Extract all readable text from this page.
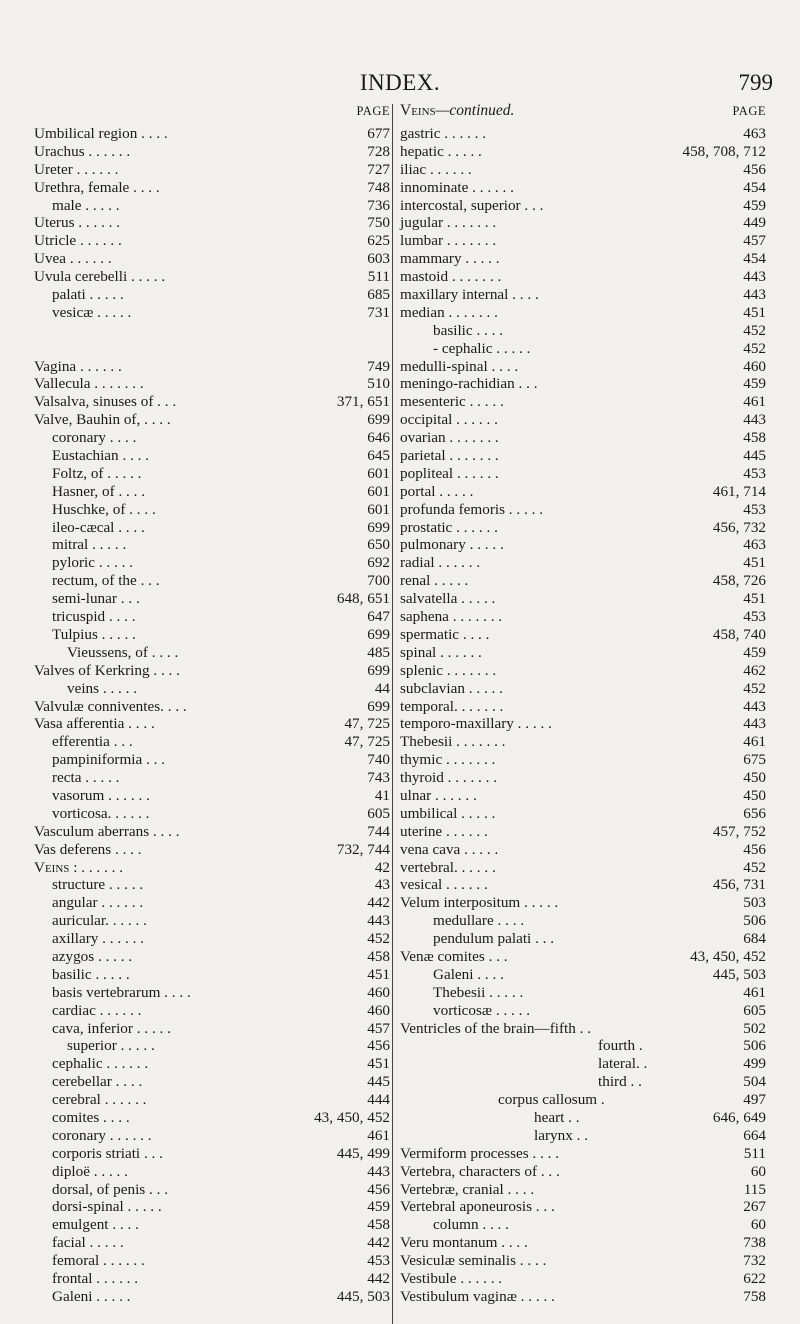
INDEX.	799
PAGE
Umbilical region . . . .	677
Urachus . . . . . .	728
Ureter . . . . . .	727
Urethra, female . . . .	748
male . . . . .	736
Uterus . . . . . .	750
Utricle . . . . . .	625
Uvea . . . . . .	603
Uvula cerebelli . . . . .	511
palati . . . . .	685
vesicæ . . . . .	731
Vagina . . . . . .	749
Vallecula . . . . . . .	510
Valsalva, sinuses of . . .	371, 651
Valve, Bauhin of, . . . .	699
coronary . . . .	646
Eustachian . . . .	645
Foltz, of . . . . .	601
Hasner, of . . . .	601
Huschke, of . . . .	601
ileo-cæcal . . . .	699
mitral . . . . .	650
pyloric . . . . .	692
rectum, of the . . .	700
semi-lunar . . .	648, 651
tricuspid . . . .	647
Tulpius . . . . .	699
Vieussens, of . . . .	485
Valves of Kerkring . . . .	699
veins . . . . .	44
Valvulæ conniventes. . . .	699
Vasa afferentia . . . .	47, 725
efferentia . . .	47, 725
pampiniformia . . .	740
recta . . . . .	743
vasorum . . . . . .	41
vorticosa. . . . . .	605
Vasculum aberrans . . . .	744
Vas deferens . . . .	732, 744
Veins : . . . . . .	42
structure . . . . .	43
angular . . . . . .	442
auricular. . . . . .	443
axillary . . . . . .	452
azygos . . . . .	458
basilic . . . . .	451
basis vertebrarum . . . .	460
cardiac . . . . . .	460
cava, inferior . . . . .	457
superior . . . . .	456
cephalic . . . . . .	451
cerebellar . . . .	445
cerebral . . . . . .	444
comites . . . .	43, 450, 452
coronary . . . . . .	461
corporis striati . . .	445, 499
diploë . . . . .	443
dorsal, of penis . . .	456
dorsi-spinal . . . . .	459
emulgent . . . .	458
facial . . . . .	442
femoral . . . . . .	453
frontal . . . . . .	442
Galeni . . . . .	445, 503
Veins—continued.	PAGE
gastric . . . . . .	463
hepatic . . . . .	458, 708, 712
iliac . . . . . .	456
innominate . . . . . .	454
intercostal, superior . . .	459
jugular . . . . . . .	449
lumbar . . . . . . .	457
mammary . . . . .	454
mastoid . . . . . . .	443
maxillary internal . . . .	443
median . . . . . . .	451
basilic . . . .	452
- cephalic . . . . .	452
medulli-spinal . . . .	460
meningo-rachidian . . .	459
mesenteric . . . . .	461
occipital . . . . . .	443
ovarian . . . . . . .	458
parietal . . . . . . .	445
popliteal . . . . . .	453
portal . . . . .	461, 714
profunda femoris . . . . .	453
prostatic . . . . . .	456, 732
pulmonary . . . . .	463
radial . . . . . .	451
renal . . . . .	458, 726
salvatella . . . . .	451
saphena . . . . . . .	453
spermatic . . . .	458, 740
spinal . . . . . .	459
splenic . . . . . . .	462
subclavian . . . . .	452
temporal. . . . . . .	443
temporo-maxillary . . . . .	443
Thebesii . . . . . . .	461
thymic . . . . . . .	675
thyroid . . . . . . .	450
ulnar . . . . . .	450
umbilical . . . . .	656
uterine . . . . . .	457, 752
vena cava . . . . .	456
vertebral. . . . . .	452
vesical . . . . . .	456, 731
Velum interpositum . . . . .	503
medullare . . . .	506
pendulum palati . . .	684
Venæ comites . . .	43, 450, 452
Galeni . . . .	445, 503
Thebesii . . . . .	461
vorticosæ . . . . .	605
Ventricles of the brain—fifth . .	502
fourth .	506
lateral. .	499
third . .	504
corpus callosum .	497
heart . .	646, 649
larynx . .	664
Vermiform processes . . . .	511
Vertebra, characters of . . .	60
Vertebræ, cranial . . . .	115
Vertebral aponeurosis . . .	267
column . . . .	60
Veru montanum . . . .	738
Vesiculæ seminalis . . . .	732
Vestibule . . . . . .	622
Vestibulum vaginæ . . . . .	758
